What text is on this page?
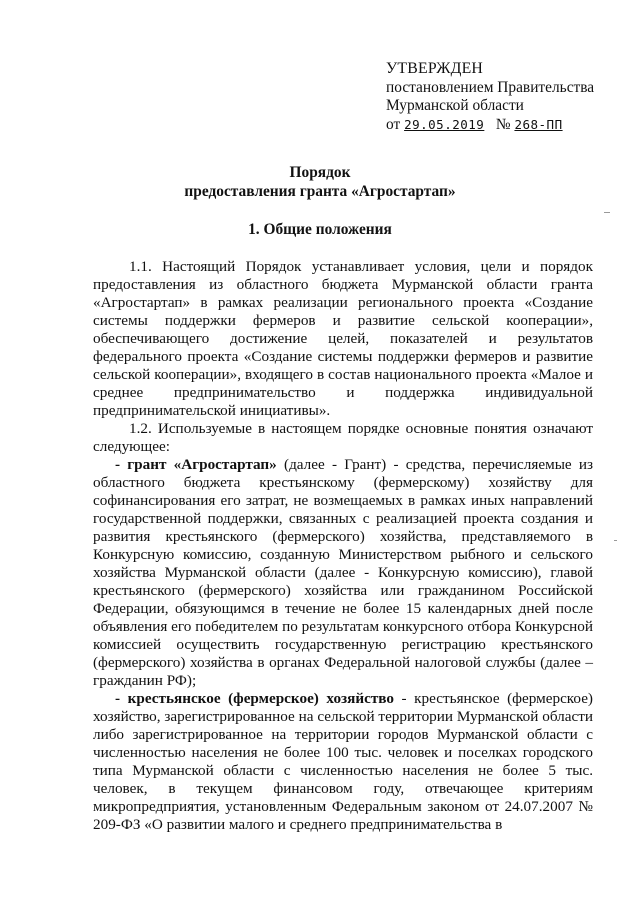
УТВЕРЖДЕН
постановлением Правительства
Мурманской области
от 29.05.2019 № 268-ПП
Порядок
предоставления гранта «Агростартап»
1. Общие положения

1.1. Настоящий Порядок устанавливает условия, цели и порядок предоставления из областного бюджета Мурманской области гранта «Агростартап» в рамках реализации регионального проекта «Создание системы поддержки фермеров и развитие сельской кооперации», обеспечивающего достижение целей, показателей и результатов федерального проекта «Создание системы поддержки фермеров и развитие сельской кооперации», входящего в состав национального проекта «Малое и среднее предпринимательство и поддержка индивидуальной предпринимательской инициативы».

1.2. Используемые в настоящем порядке основные понятия означают следующее:

- грант «Агростартап» (далее - Грант) - средства, перечисляемые из областного бюджета крестьянскому (фермерскому) хозяйству для софинансирования его затрат, не возмещаемых в рамках иных направлений государственной поддержки, связанных с реализацией проекта создания и развития крестьянского (фермерского) хозяйства, представляемого в Конкурсную комиссию, созданную Министерством рыбного и сельского хозяйства Мурманской области (далее - Конкурсную комиссию), главой крестьянского (фермерского) хозяйства или гражданином Российской Федерации, обязующимся в течение не более 15 календарных дней после объявления его победителем по результатам конкурсного отбора Конкурсной комиссией осуществить государственную регистрацию крестьянского (фермерского) хозяйства в органах Федеральной налоговой службы (далее – гражданин РФ);

- крестьянское (фермерское) хозяйство - крестьянское (фермерское) хозяйство, зарегистрированное на сельской территории Мурманской области либо зарегистрированное на территории городов Мурманской области с численностью населения не более 100 тыс. человек и поселках городского типа Мурманской области с численностью населения не более 5 тыс. человек, в текущем финансовом году, отвечающее критериям микропредприятия, установленным Федеральным законом от 24.07.2007 № 209-ФЗ «О развитии малого и среднего предпринимательства в
